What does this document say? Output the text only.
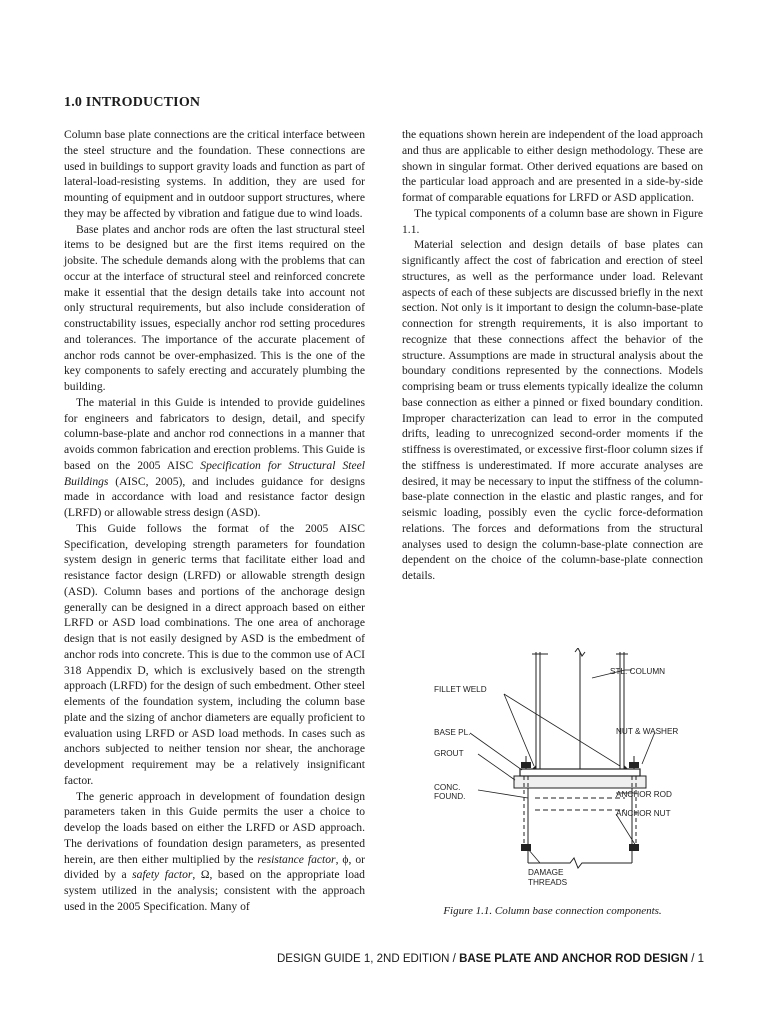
1.0 INTRODUCTION

Column base plate connections are the critical interface between the steel structure and the foundation. These connections are used in buildings to support gravity loads and function as part of lateral-load-resisting systems. In addition, they are used for mounting of equipment and in outdoor support structures, where they may be affected by vibration and fatigue due to wind loads.

Base plates and anchor rods are often the last structural steel items to be designed but are the first items required on the jobsite. The schedule demands along with the problems that can occur at the interface of structural steel and reinforced concrete make it essential that the design details take into account not only structural requirements, but also include consideration of constructability issues, especially anchor rod setting procedures and tolerances. The importance of the accurate placement of anchor rods cannot be over-emphasized. This is the one of the key components to safely erecting and accurately plumbing the building.

The material in this Guide is intended to provide guidelines for engineers and fabricators to design, detail, and specify column-base-plate and anchor rod connections in a manner that avoids common fabrication and erection problems. This Guide is based on the 2005 AISC Specification for Structural Steel Buildings (AISC, 2005), and includes guidance for designs made in accordance with load and resistance factor design (LRFD) or allowable stress design (ASD).

This Guide follows the format of the 2005 AISC Specification, developing strength parameters for foundation system design in generic terms that facilitate either load and resistance factor design (LRFD) or allowable strength design (ASD). Column bases and portions of the anchorage design generally can be designed in a direct approach based on either LRFD or ASD load combinations. The one area of anchorage design that is not easily designed by ASD is the embedment of anchor rods into concrete. This is due to the common use of ACI 318 Appendix D, which is exclusively based on the strength approach (LRFD) for the design of such embedment. Other steel elements of the foundation system, including the column base plate and the sizing of anchor diameters are equally proficient to evaluation using LRFD or ASD load methods. In cases such as anchors subjected to neither tension nor shear, the anchorage development requirement may be a relatively insignificant factor.

The generic approach in development of foundation design parameters taken in this Guide permits the user a choice to develop the loads based on either the LRFD or ASD approach. The derivations of foundation design parameters, as presented herein, are then either multiplied by the resistance factor, ϕ, or divided by a safety factor, Ω, based on the appropriate load system utilized in the analysis; consistent with the approach used in the 2005 Specification. Many of

the equations shown herein are independent of the load approach and thus are applicable to either design methodology. These are shown in singular format. Other derived equations are based on the particular load approach and are presented in a side-by-side format of comparable equations for LRFD or ASD application.

The typical components of a column base are shown in Figure 1.1.

Material selection and design details of base plates can significantly affect the cost of fabrication and erection of steel structures, as well as the performance under load. Relevant aspects of each of these subjects are discussed briefly in the next section. Not only is it important to design the column-base-plate connection for strength requirements, it is also important to recognize that these connections affect the behavior of the structure. Assumptions are made in structural analysis about the boundary conditions represented by the connections. Models comprising beam or truss elements typically idealize the column base connection as either a pinned or fixed boundary condition. Improper characterization can lead to error in the computed drifts, leading to unrecognized second-order moments if the stiffness is overestimated, or excessive first-floor column sizes if the stiffness is underestimated. If more accurate analyses are desired, it may be necessary to input the stiffness of the column-base-plate connection in the elastic and plastic ranges, and for seismic loading, possibly even the cyclic force-deformation relations. The forces and deformations from the structural analyses used to design the column-base-plate connection are dependent on the choice of the column-base-plate connection details.

STL. COLUMN
FILLET WELD
BASE PL.	NUT & WASHER
GROUT
CONC.
FOUND.	ANCHOR ROD
ANCHOR NUT
DAMAGE
THREADS
Figure 1.1. Column base connection components.
DESIGN GUIDE 1, 2ND EDITION / BASE PLATE AND ANCHOR ROD DESIGN / 1
